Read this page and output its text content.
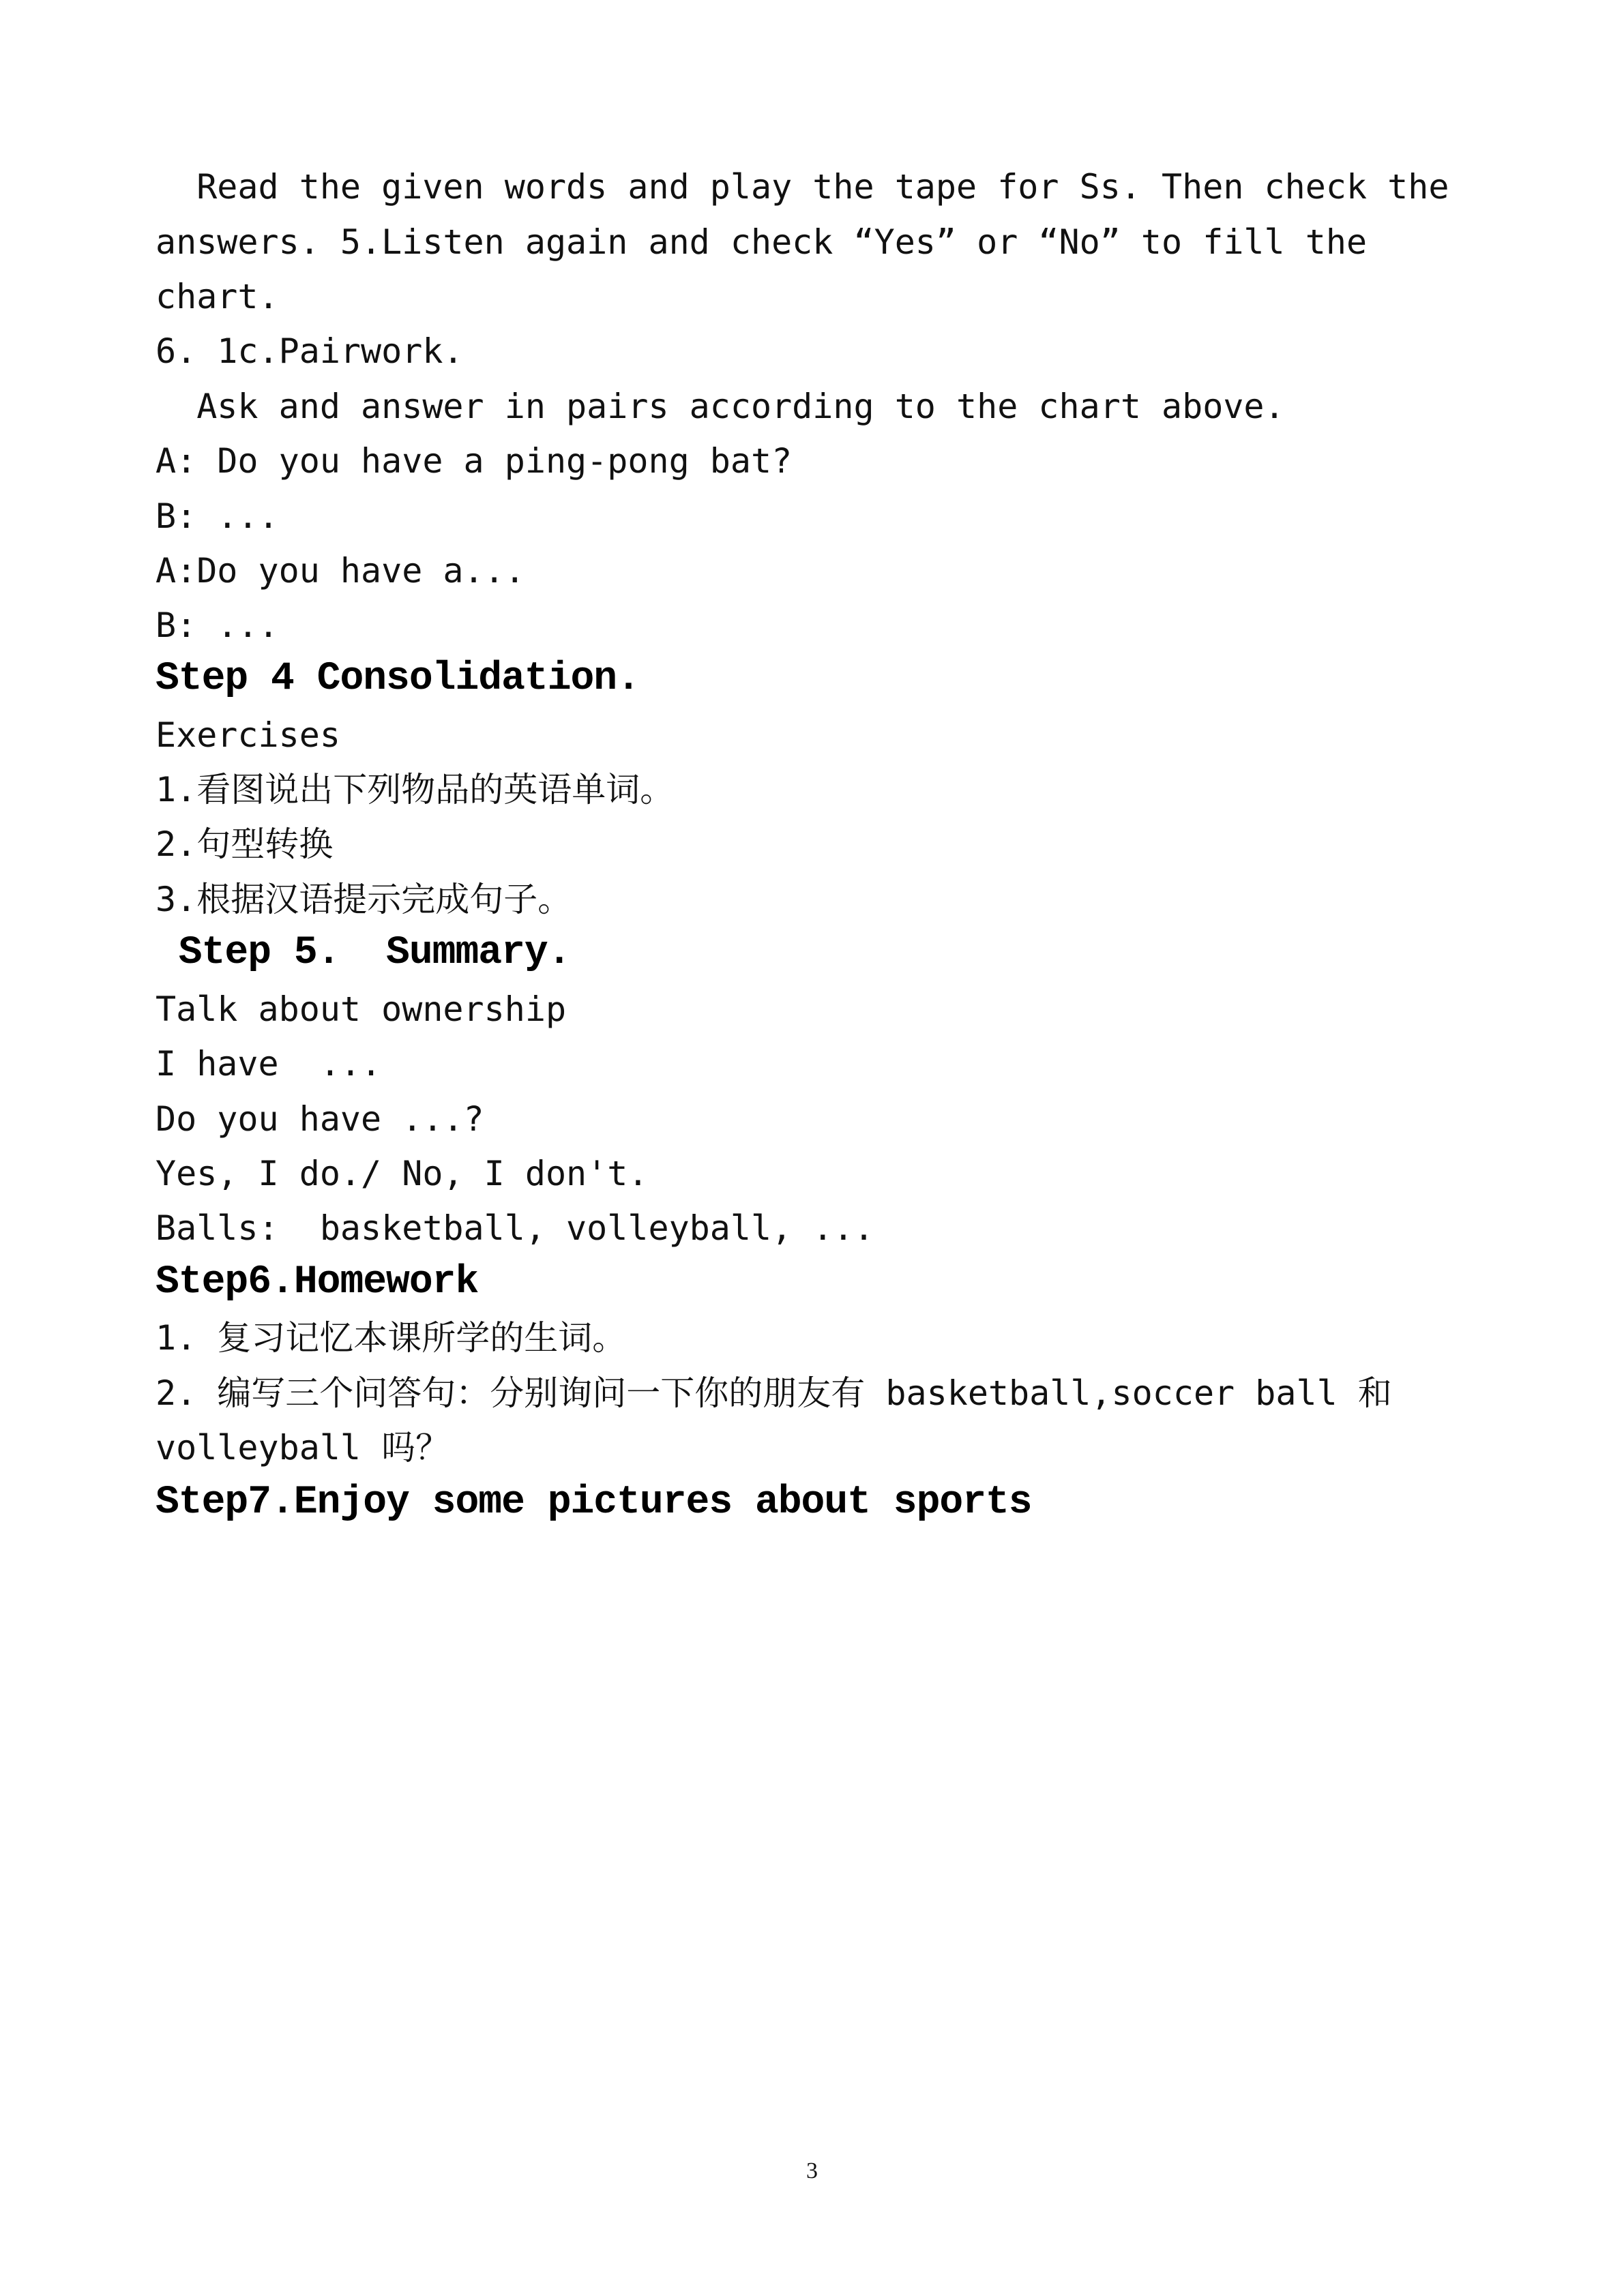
Read the given words and play the tape for Ss. Then check the
answers. 5.Listen again and check “Yes” or “No” to fill the
chart.
6. 1c.Pairwork.
Ask and answer in pairs according to the chart above.
A: Do you have a ping-pong bat?
B: ...
A:Do you have a...
B: ...
Step 4 Consolidation.
Exercises
1.看图说出下列物品的英语单词。
2.句型转换
3.根据汉语提示完成句子。
Step 5.  Summary.
Talk about ownership
I have  ...
Do you have ...?
Yes, I do./ No, I don't.
Balls:  basketball, volleyball, ...
Step6.Homework
1. 复习记忆本课所学的生词。
2. 编写三个问答句：分别询问一下你的朋友有 basketball,soccer ball 和
volleyball 吗？
Step7.Enjoy some pictures about sports
3
